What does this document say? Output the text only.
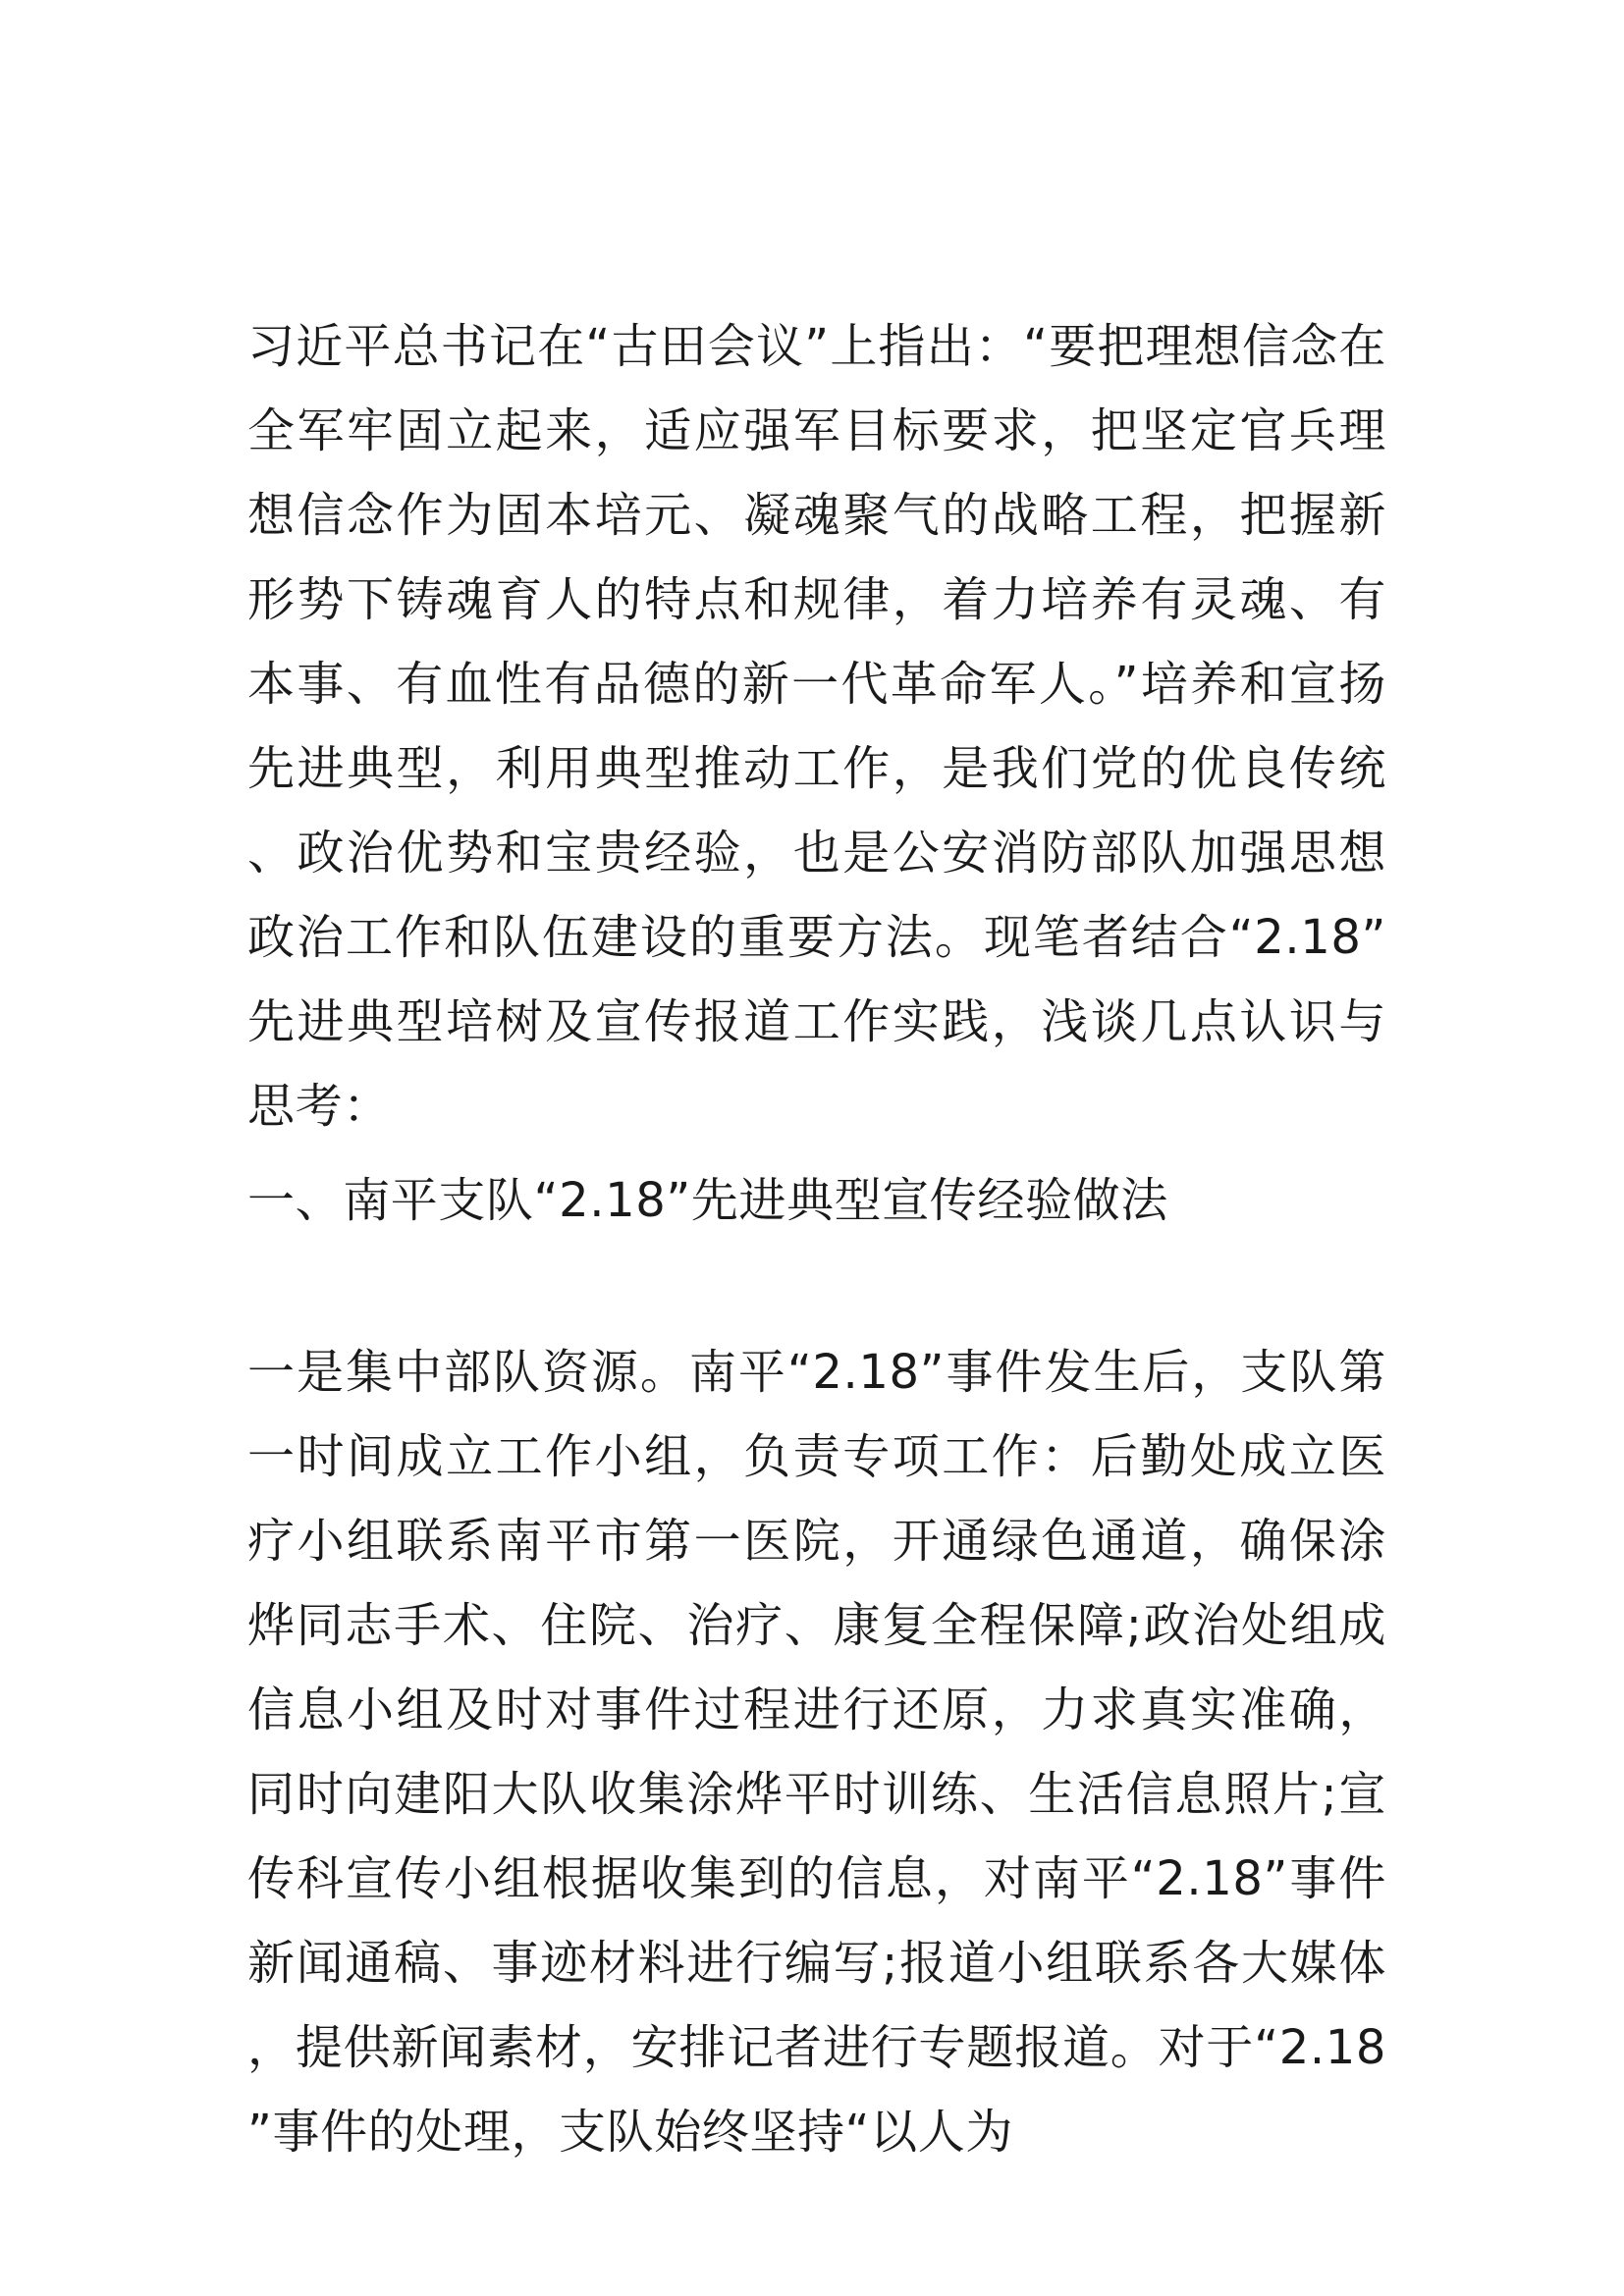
习近平总书记在“古田会议”上指出：“要把理想信念在全军牢固立起来，适应强军目标要求，把坚定官兵理想信念作为固本培元、凝魂聚气的战略工程，把握新形势下铸魂育人的特点和规律，着力培养有灵魂、有本事、有血性有品德的新一代革命军人。”培养和宣扬先进典型，利用典型推动工作，是我们党的优良传统、政治优势和宝贵经验，也是公安消防部队加强思想政治工作和队伍建设的重要方法。现笔者结合“2.18”先进典型培树及宣传报道工作实践，浅谈几点认识与思考：

一、南平支队“2.18”先进典型宣传经验做法

一是集中部队资源。南平“2.18”事件发生后，支队第一时间成立工作小组，负责专项工作：后勤处成立医疗小组联系南平市第一医院，开通绿色通道，确保涂烨同志手术、住院、治疗、康复全程保障;政治处组成信息小组及时对事件过程进行还原，力求真实准确，同时向建阳大队收集涂烨平时训练、生活信息照片;宣传科宣传小组根据收集到的信息，对南平“2.18”事件新闻通稿、事迹材料进行编写;报道小组联系各大媒体，提供新闻素材，安排记者进行专题报道。对于“2.18”事件的处理，支队始终坚持“以人为
